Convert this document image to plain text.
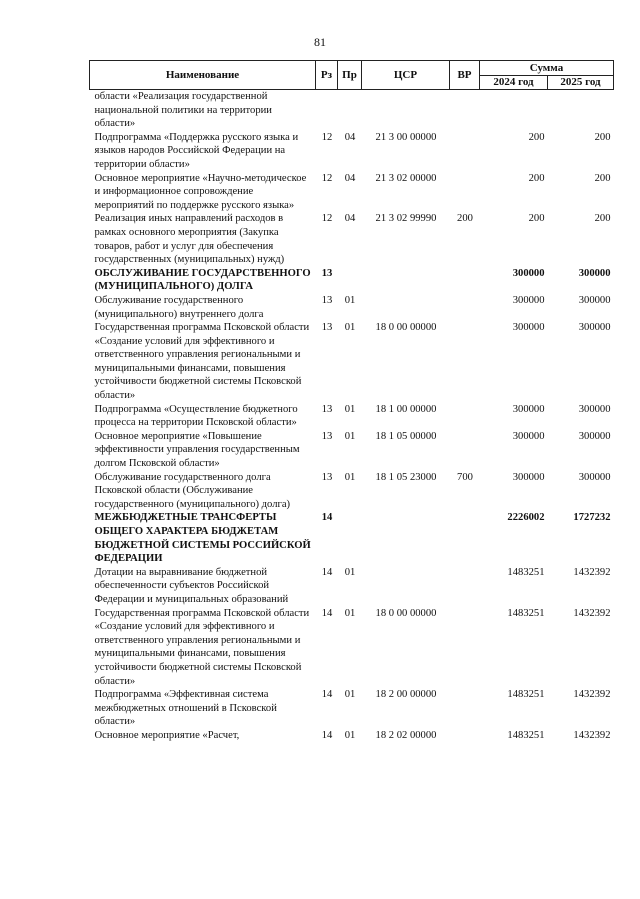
81
Наименование	Рз	Пр	ЦСР	ВР	Сумма	
					2024 год	2025 год
области «Реализация государственной национальной политики на территории области»						
Подпрограмма «Поддержка русского языка и языков народов Российской Федерации на территории области»	12	04	21 3 00 00000		200	200
Основное мероприятие «Научно-методическое и информационное сопровождение мероприятий по поддержке русского языка»	12	04	21 3 02 00000		200	200
Реализация иных направлений расходов в рамках основного мероприятия (Закупка товаров, работ и услуг для обеспечения государственных (муниципальных) нужд)	12	04	21 3 02 99990	200	200	200
ОБСЛУЖИВАНИЕ ГОСУДАРСТВЕННОГО (МУНИЦИПАЛЬНОГО) ДОЛГА	13				300000	300000
Обслуживание государственного (муниципального) внутреннего долга	13	01			300000	300000
Государственная программа Псковской области «Создание условий для эффективного и ответственного управления региональными и муниципальными финансами, повышения устойчивости бюджетной системы Псковской области»	13	01	18 0 00 00000		300000	300000
Подпрограмма «Осуществление бюджетного процесса на территории Псковской области»	13	01	18 1 00 00000		300000	300000
Основное мероприятие «Повышение эффективности управления государственным долгом Псковской области»	13	01	18 1 05 00000		300000	300000
Обслуживание государственного долга Псковской области (Обслуживание государственного (муниципального) долга)	13	01	18 1 05 23000	700	300000	300000
МЕЖБЮДЖЕТНЫЕ ТРАНСФЕРТЫ ОБЩЕГО ХАРАКТЕРА БЮДЖЕТАМ БЮДЖЕТНОЙ СИСТЕМЫ РОССИЙСКОЙ ФЕДЕРАЦИИ	14				2226002	1727232
Дотации на выравнивание бюджетной обеспеченности субъектов Российской Федерации и муниципальных образований	14	01			1483251	1432392
Государственная программа Псковской области «Создание условий для эффективного и ответственного управления региональными и муниципальными финансами, повышения устойчивости бюджетной системы Псковской области»	14	01	18 0 00 00000		1483251	1432392
Подпрограмма «Эффективная система межбюджетных отношений в Псковской области»	14	01	18 2 00 00000		1483251	1432392
Основное мероприятие «Расчет,	14	01	18 2 02 00000		1483251	1432392
